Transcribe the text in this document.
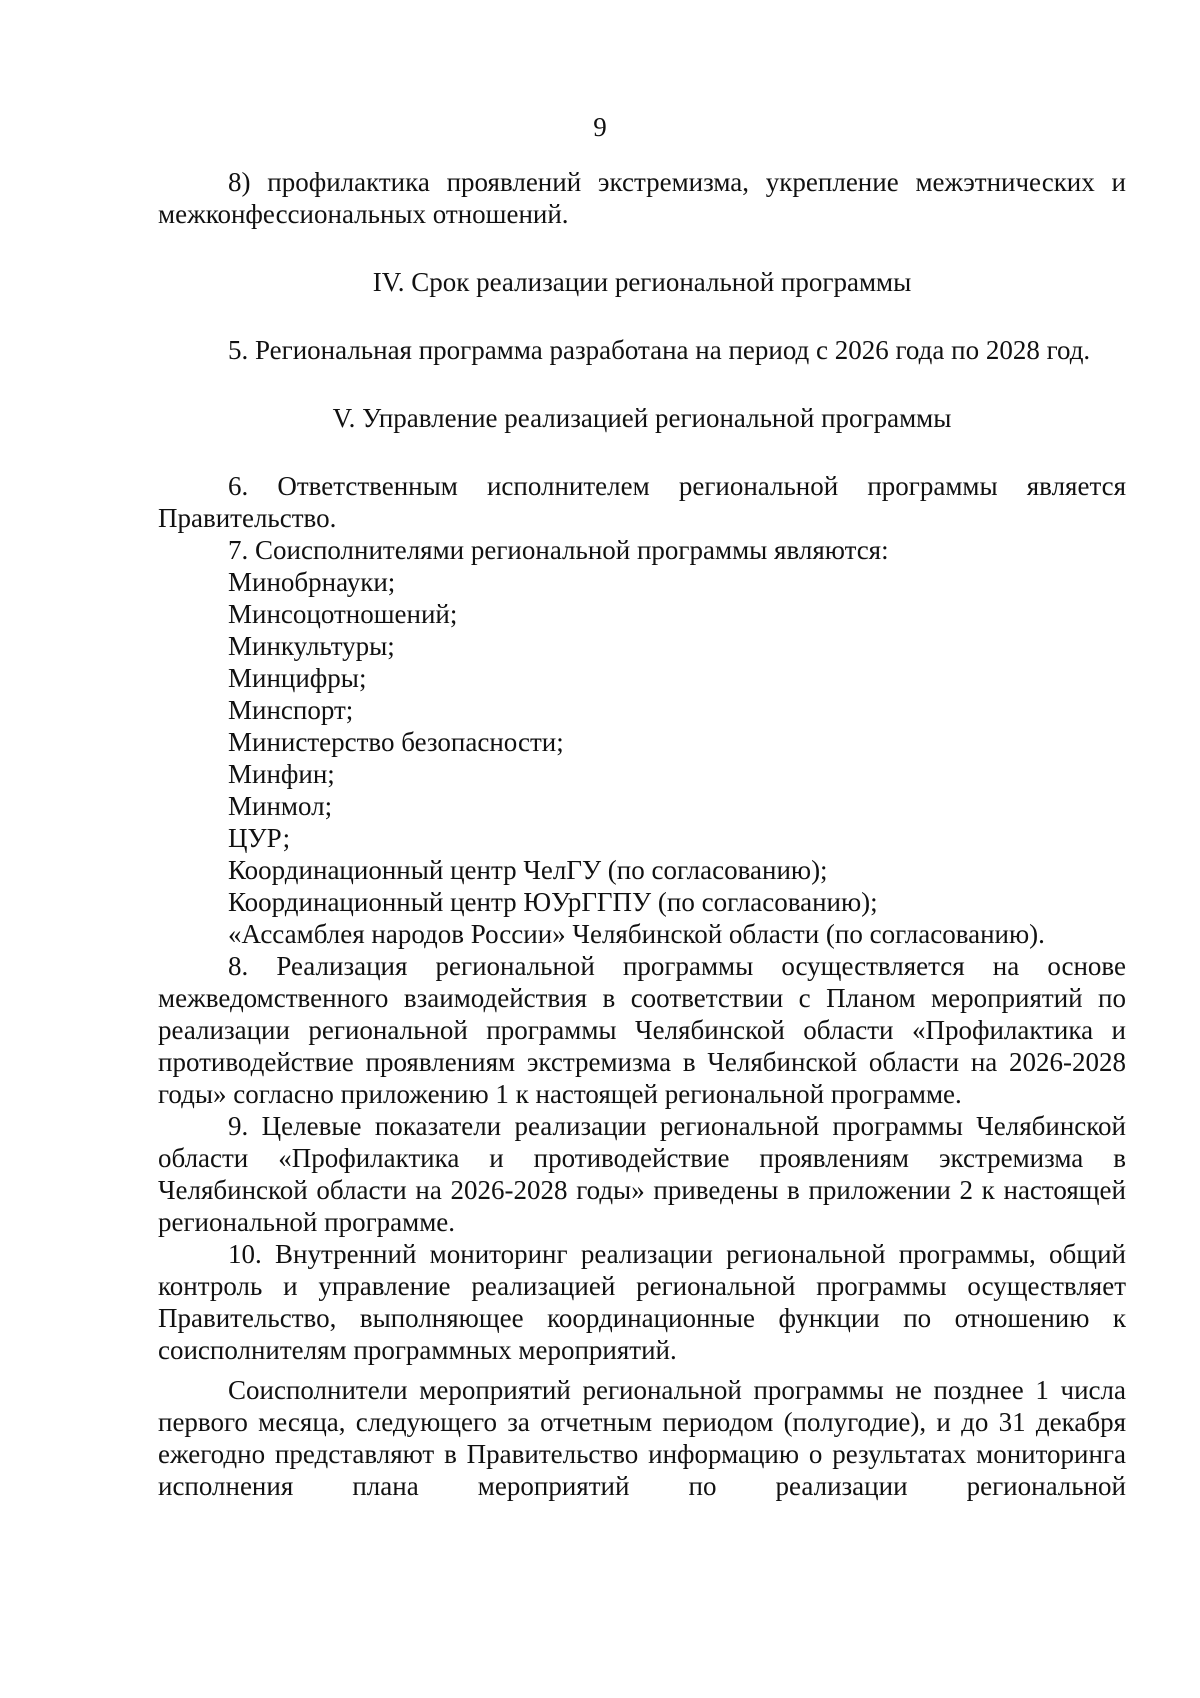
9

8) профилактика проявлений экстремизма, укрепление межэтнических и межконфессиональных отношений.

IV. Срок реализации региональной программы

5. Региональная программа разработана на период с 2026 года по 2028 год.

V. Управление реализацией региональной программы

6. Ответственным исполнителем региональной программы является Правительство.

7. Соисполнителями региональной программы являются:

Минобрнауки;

Минсоцотношений;

Минкультуры;

Минцифры;

Минспорт;

Министерство безопасности;

Минфин;

Минмол;

ЦУР;

Координационный центр ЧелГУ (по согласованию);

Координационный центр ЮУрГГПУ (по согласованию);

«Ассамблея народов России» Челябинской области (по согласованию).

8. Реализация региональной программы осуществляется на основе межведомственного взаимодействия в соответствии с Планом мероприятий по реализации региональной программы Челябинской области «Профилактика и противодействие проявлениям экстремизма в Челябинской области на 2026-2028 годы» согласно приложению 1 к настоящей региональной программе.

9. Целевые показатели реализации региональной программы Челябинской области «Профилактика и противодействие проявлениям экстремизма в Челябинской области на 2026-2028 годы» приведены в приложении 2 к настоящей региональной программе.

10. Внутренний мониторинг реализации региональной программы, общий контроль и управление реализацией региональной программы осуществляет Правительство, выполняющее координационные функции по отношению к соисполнителям программных мероприятий.

Соисполнители мероприятий региональной программы не позднее 1 числа первого месяца, следующего за отчетным периодом (полугодие), и до 31 декабря ежегодно представляют в Правительство информацию о результатах мониторинга исполнения плана мероприятий по реализации региональной
